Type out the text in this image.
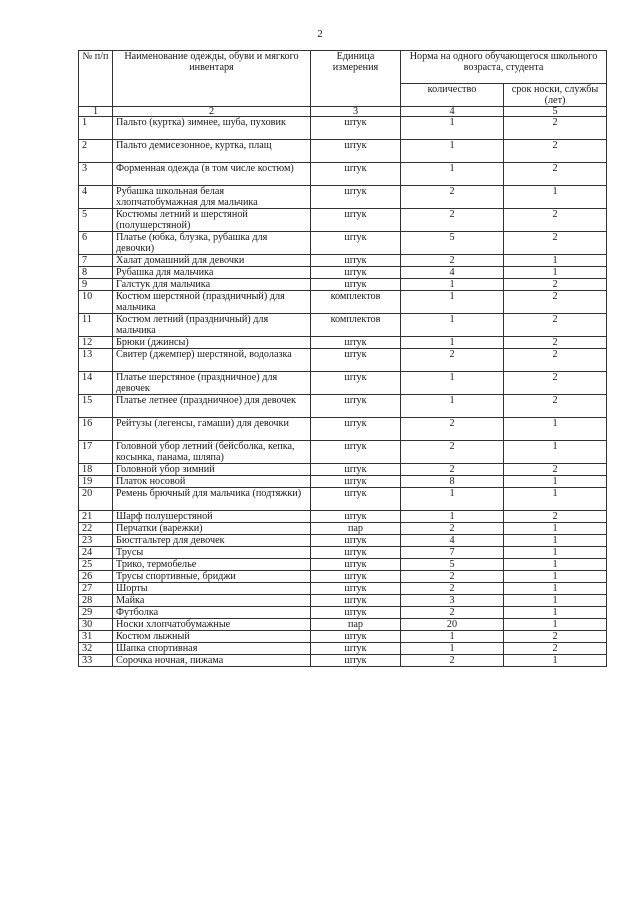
2
№ п/п	Наименование одежды, обуви и мягкого инвентаря	Единица измерения	Норма на одного обучающегося школьного возраста, студента	
			количество	срок носки, службы (лет)
1	2	3	4	5
1	Пальто (куртка) зимнее, шуба, пуховик	штук	1	2
2	Пальто демисезонное, куртка, плащ	штук	1	2
3	Форменная одежда (в том числе костюм)	штук	1	2
4	Рубашка школьная белая хлопчатобумажная для мальчика	штук	2	1
5	Костюмы летний и шерстяной (полушерстяной)	штук	2	2
6	Платье (юбка, блузка, рубашка для девочки)	штук	5	2
7	Халат домашний для девочки	штук	2	1
8	Рубашка для мальчика	штук	4	1
9	Галстук для мальчика	штук	1	2
10	Костюм шерстяной (праздничный) для мальчика	комплектов	1	2
11	Костюм летний (праздничный) для мальчика	комплектов	1	2
12	Брюки (джинсы)	штук	1	2
13	Свитер (джемпер) шерстяной, водолазка	штук	2	2
14	Платье шерстяное (праздничное) для девочек	штук	1	2
15	Платье летнее (праздничное) для девочек	штук	1	2
16	Рейтузы (легенсы, гамаши) для девочки	штук	2	1
17	Головной убор летний (бейсболка, кепка, косынка, панама, шляпа)	штук	2	1
18	Головной убор зимний	штук	2	2
19	Платок носовой	штук	8	1
20	Ремень брючный для мальчика (подтяжки)	штук	1	1
21	Шарф полушерстяной	штук	1	2
22	Перчатки (варежки)	пар	2	1
23	Бюстгальтер для девочек	штук	4	1
24	Трусы	штук	7	1
25	Трико, термобелье	штук	5	1
26	Трусы спортивные, бриджи	штук	2	1
27	Шорты	штук	2	1
28	Майка	штук	3	1
29	Футболка	штук	2	1
30	Носки хлопчатобумажные	пар	20	1
31	Костюм лыжный	штук	1	2
32	Шапка спортивная	штук	1	2
33	Сорочка ночная, пижама	штук	2	1
